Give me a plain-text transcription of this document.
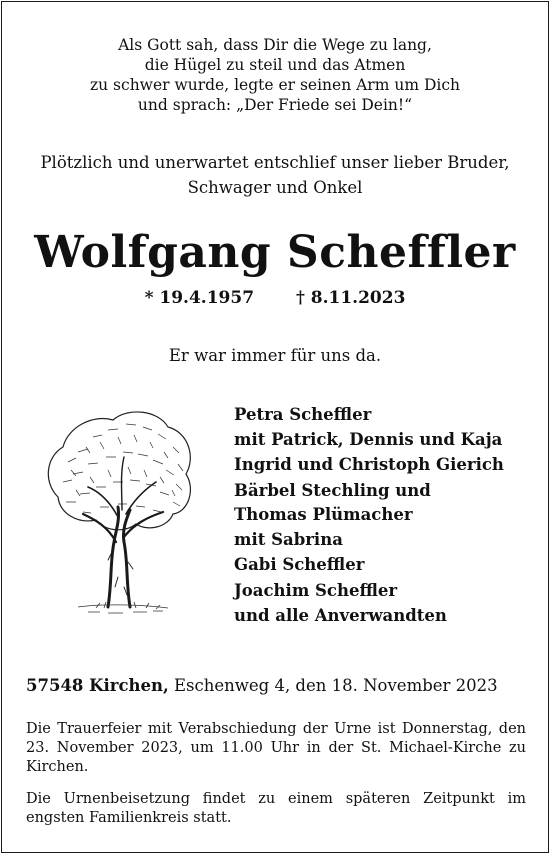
Als Gott sah, dass Dir die Wege zu lang,
die Hügel zu steil und das Atmen
zu schwer wurde, legte er seinen Arm um Dich
und sprach: „Der Friede sei Dein!“
Plötzlich und unerwartet entschlief unser lieber Bruder,
Schwager und Onkel
Wolfgang Scheffler
* 19.4.1957 † 8.11.2023
Er war immer für uns da.
Petra Scheffler
mit Patrick, Dennis und Kaja
Ingrid und Christoph Gierich
Bärbel Stechling und
Thomas Plümacher
mit Sabrina
Gabi Scheffler
Joachim Scheffler
und alle Anverwandten
57548 Kirchen, Eschenweg 4, den 18. November 2023
Die Trauerfeier mit Verabschiedung der Urne ist Donnerstag, den 23. November 2023, um 11.00 Uhr in der St. Michael-Kirche zu Kirchen.
Die Urnenbeisetzung findet zu einem späteren Zeitpunkt im engsten Familienkreis statt.
